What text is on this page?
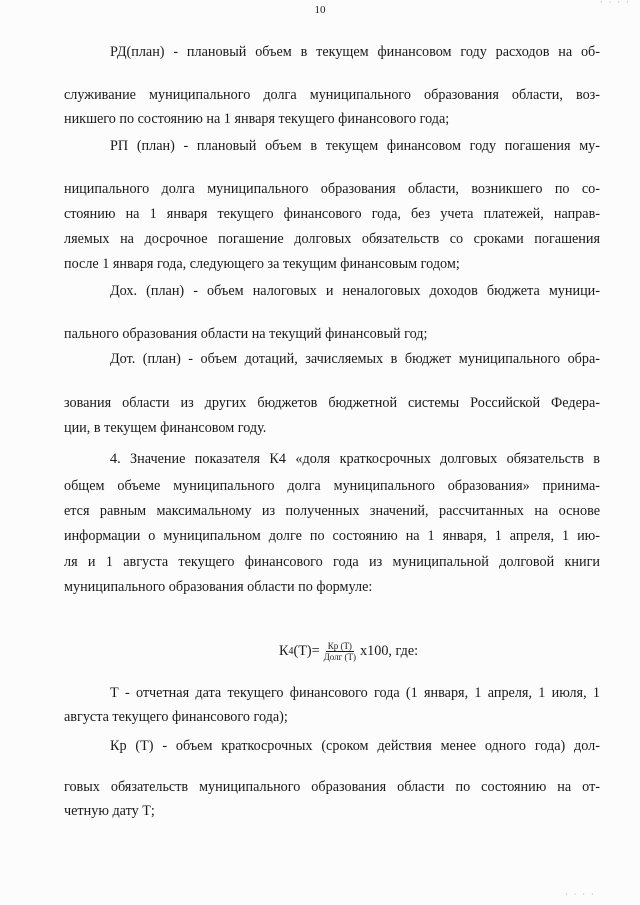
10
· · · ·
РД(план) - плановый объем в текущем финансовом году расходов на об-
служивание муниципального долга муниципального образования области, воз-
никшего по состоянию на 1 января текущего финансового года;
РП (план) - плановый объем в текущем финансовом году погашения му-
ниципального долга муниципального образования области, возникшего по со-
стоянию на 1 января текущего финансового года, без учета платежей, направ-
ляемых на досрочное погашение долговых обязательств со сроками погашения
после 1 января года, следующего за текущим финансовым годом;
Дох. (план) - объем налоговых и неналоговых доходов бюджета муници-
пального образования области на текущий финансовый год;
Дот. (план) - объем дотаций, зачисляемых в бюджет муниципального обра-
зования области из других бюджетов бюджетной системы Российской Федера-
ции, в текущем финансовом году.
4. Значение показателя К4 «доля краткосрочных долговых обязательств в
общем объеме муниципального долга муниципального образования» принима-
ется равным максимальному из полученных значений, рассчитанных на основе
информации о муниципальном долге по состоянию на 1 января, 1 апреля, 1 ию-
ля и 1 августа текущего финансового года из муниципальной долговой книги
муниципального образования области по формуле:
К 4 $(Т)= \frac{Кр (Т)}{\text{Долг (Т)}} х100$, где:
Т - отчетная дата текущего финансового года (1 января, 1 апреля, 1 июля, 1
августа текущего финансового года);
Кр (Т) - объем краткосрочных (сроком действия менее одного года) дол-
говых обязательств муниципального образования области по состоянию на от-
четную дату Т;
· · · ·
